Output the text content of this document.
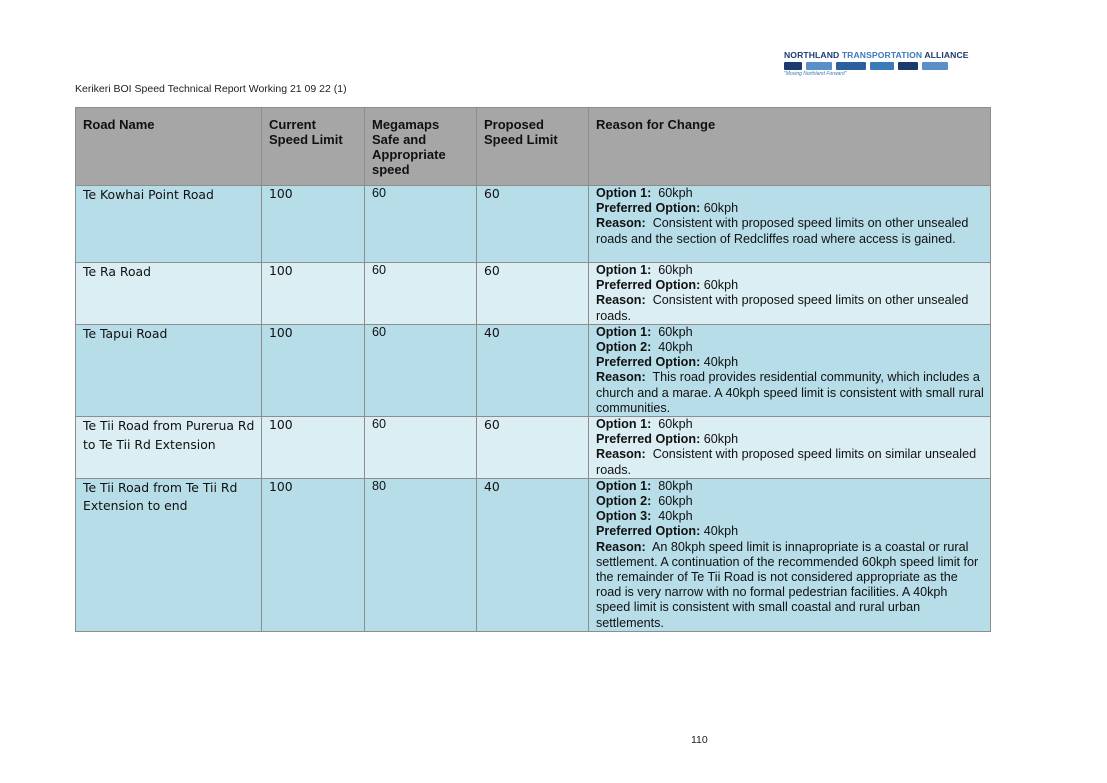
NORTHLAND TRANSPORTATION ALLIANCE
"Moving Northland Forward"
Kerikeri BOI Speed Technical Report Working 21 09 22 (1)
Road Name	Current Speed Limit	Megamaps Safe and Appropriate speed	Proposed Speed Limit	Reason for Change
Te Kowhai Point Road	100	60	60	Option 1: 60kph

Preferred Option: 60kph

Reason: Consistent with proposed speed limits on other unsealed roads and the section of Redcliffes road where access is gained.

Te Ra Road	100	60	60	Option 1: 60kph

Preferred Option: 60kph

Reason: Consistent with proposed speed limits on other unsealed roads.

Te Tapui Road	100	60	40	Option 1: 60kph

Option 2: 40kph

Preferred Option: 40kph

Reason: This road provides residential community, which includes a church and a marae. A 40kph speed limit is consistent with small rural communities.

Te Tii Road from Purerua Rd to Te Tii Rd Extension	100	60	60	Option 1: 60kph

Preferred Option: 60kph

Reason: Consistent with proposed speed limits on similar unsealed roads.

Te Tii Road from Te Tii Rd Extension to end	100	80	40	Option 1: 80kph

Option 2: 60kph

Option 3: 40kph

Preferred Option: 40kph

Reason: An 80kph speed limit is innapropriate is a coastal or rural settlement. A continuation of the recommended 60kph speed limit for the remainder of Te Tii Road is not considered appropriate as the road is very narrow with no formal pedestrian facilities. A 40kph speed limit is consistent with small coastal and rural urban settlements.

110
